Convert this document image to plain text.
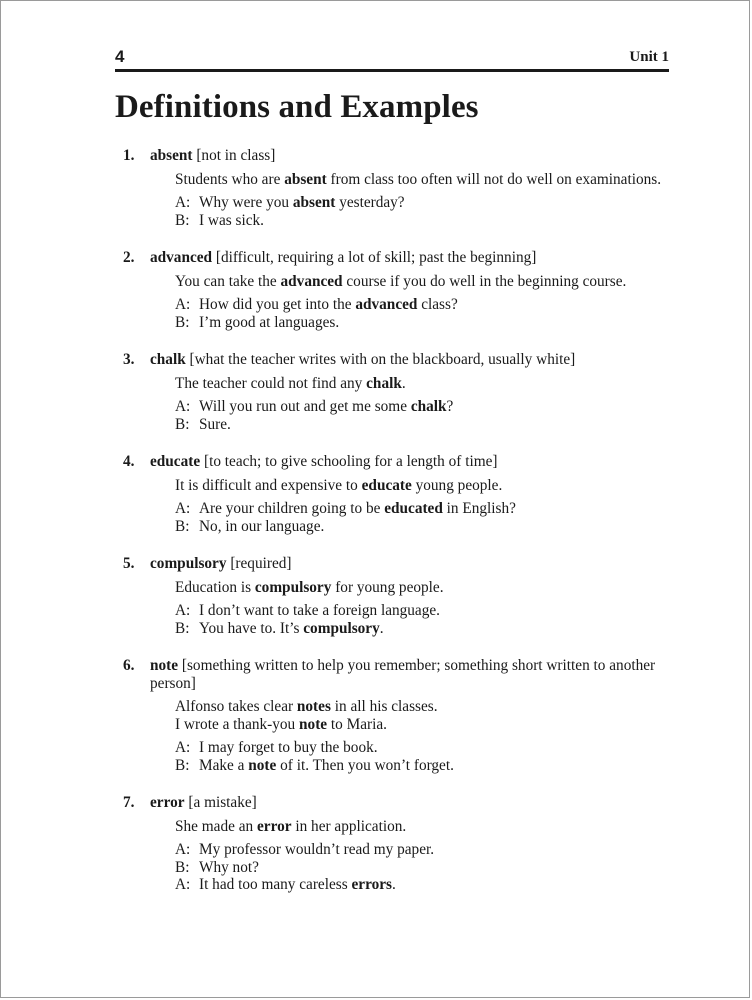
4	Unit 1
Definitions and Examples
1. absent [not in class]
Students who are absent from class too often will not do well on examinations.
A: Why were you absent yesterday?
B: I was sick.
2. advanced [difficult, requiring a lot of skill; past the beginning]
You can take the advanced course if you do well in the beginning course.
A: How did you get into the advanced class?
B: I’m good at languages.
3. chalk [what the teacher writes with on the blackboard, usually white]
The teacher could not find any chalk.
A: Will you run out and get me some chalk?
B: Sure.
4. educate [to teach; to give schooling for a length of time]
It is difficult and expensive to educate young people.
A: Are your children going to be educated in English?
B: No, in our language.
5. compulsory [required]
Education is compulsory for young people.
A: I don’t want to take a foreign language.
B: You have to. It’s compulsory.
6. note [something written to help you remember; something short written to another person]
Alfonso takes clear notes in all his classes.
I wrote a thank-you note to Maria.
A: I may forget to buy the book.
B: Make a note of it. Then you won’t forget.
7. error [a mistake]
She made an error in her application.
A: My professor wouldn’t read my paper.
B: Why not?
A: It had too many careless errors.
